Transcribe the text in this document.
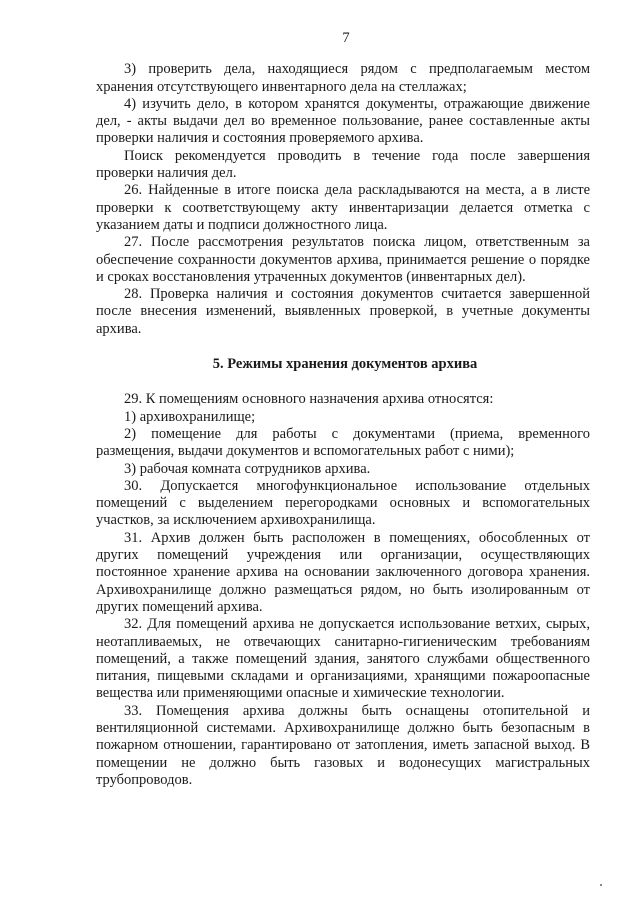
7

3) проверить дела, находящиеся рядом с предполагаемым местом хранения отсутствующего инвентарного дела на стеллажах;

4) изучить дело, в котором хранятся документы, отражающие движение дел, - акты выдачи дел во временное пользование, ранее составленные акты проверки наличия и состояния проверяемого архива.

Поиск рекомендуется проводить в течение года после завершения проверки наличия дел.

26. Найденные в итоге поиска дела раскладываются на места, а в листе проверки к соответствующему акту инвентаризации делается отметка с указанием даты и подписи должностного лица.

27. После рассмотрения результатов поиска лицом, ответственным за обеспечение сохранности документов архива, принимается решение о порядке и сроках восстановления утраченных документов (инвентарных дел).

28. Проверка наличия и состояния документов считается завершенной после внесения изменений, выявленных проверкой, в учетные документы архива.

5. Режимы хранения документов архива

29. К помещениям основного назначения архива относятся:

1) архивохранилище;

2) помещение для работы с документами (приема, временного размещения, выдачи документов и вспомогательных работ с ними);

3) рабочая комната сотрудников архива.

30. Допускается многофункциональное использование отдельных помещений с выделением перегородками основных и вспомогательных участков, за исключением архивохранилища.

31. Архив должен быть расположен в помещениях, обособленных от других помещений учреждения или организации, осуществляющих постоянное хранение архива на основании заключенного договора хранения. Архивохранилище должно размещаться рядом, но быть изолированным от других помещений архива.

32. Для помещений архива не допускается использование ветхих, сырых, неотапливаемых, не отвечающих санитарно-гигиеническим требованиям помещений, а также помещений здания, занятого службами общественного питания, пищевыми складами и организациями, хранящими пожароопасные вещества или применяющими опасные и химические технологии.

33. Помещения архива должны быть оснащены отопительной и вентиляционной системами. Архивохранилище должно быть безопасным в пожарном отношении, гарантировано от затопления, иметь запасной выход. В помещении не должно быть газовых и водонесущих магистральных трубопроводов.
